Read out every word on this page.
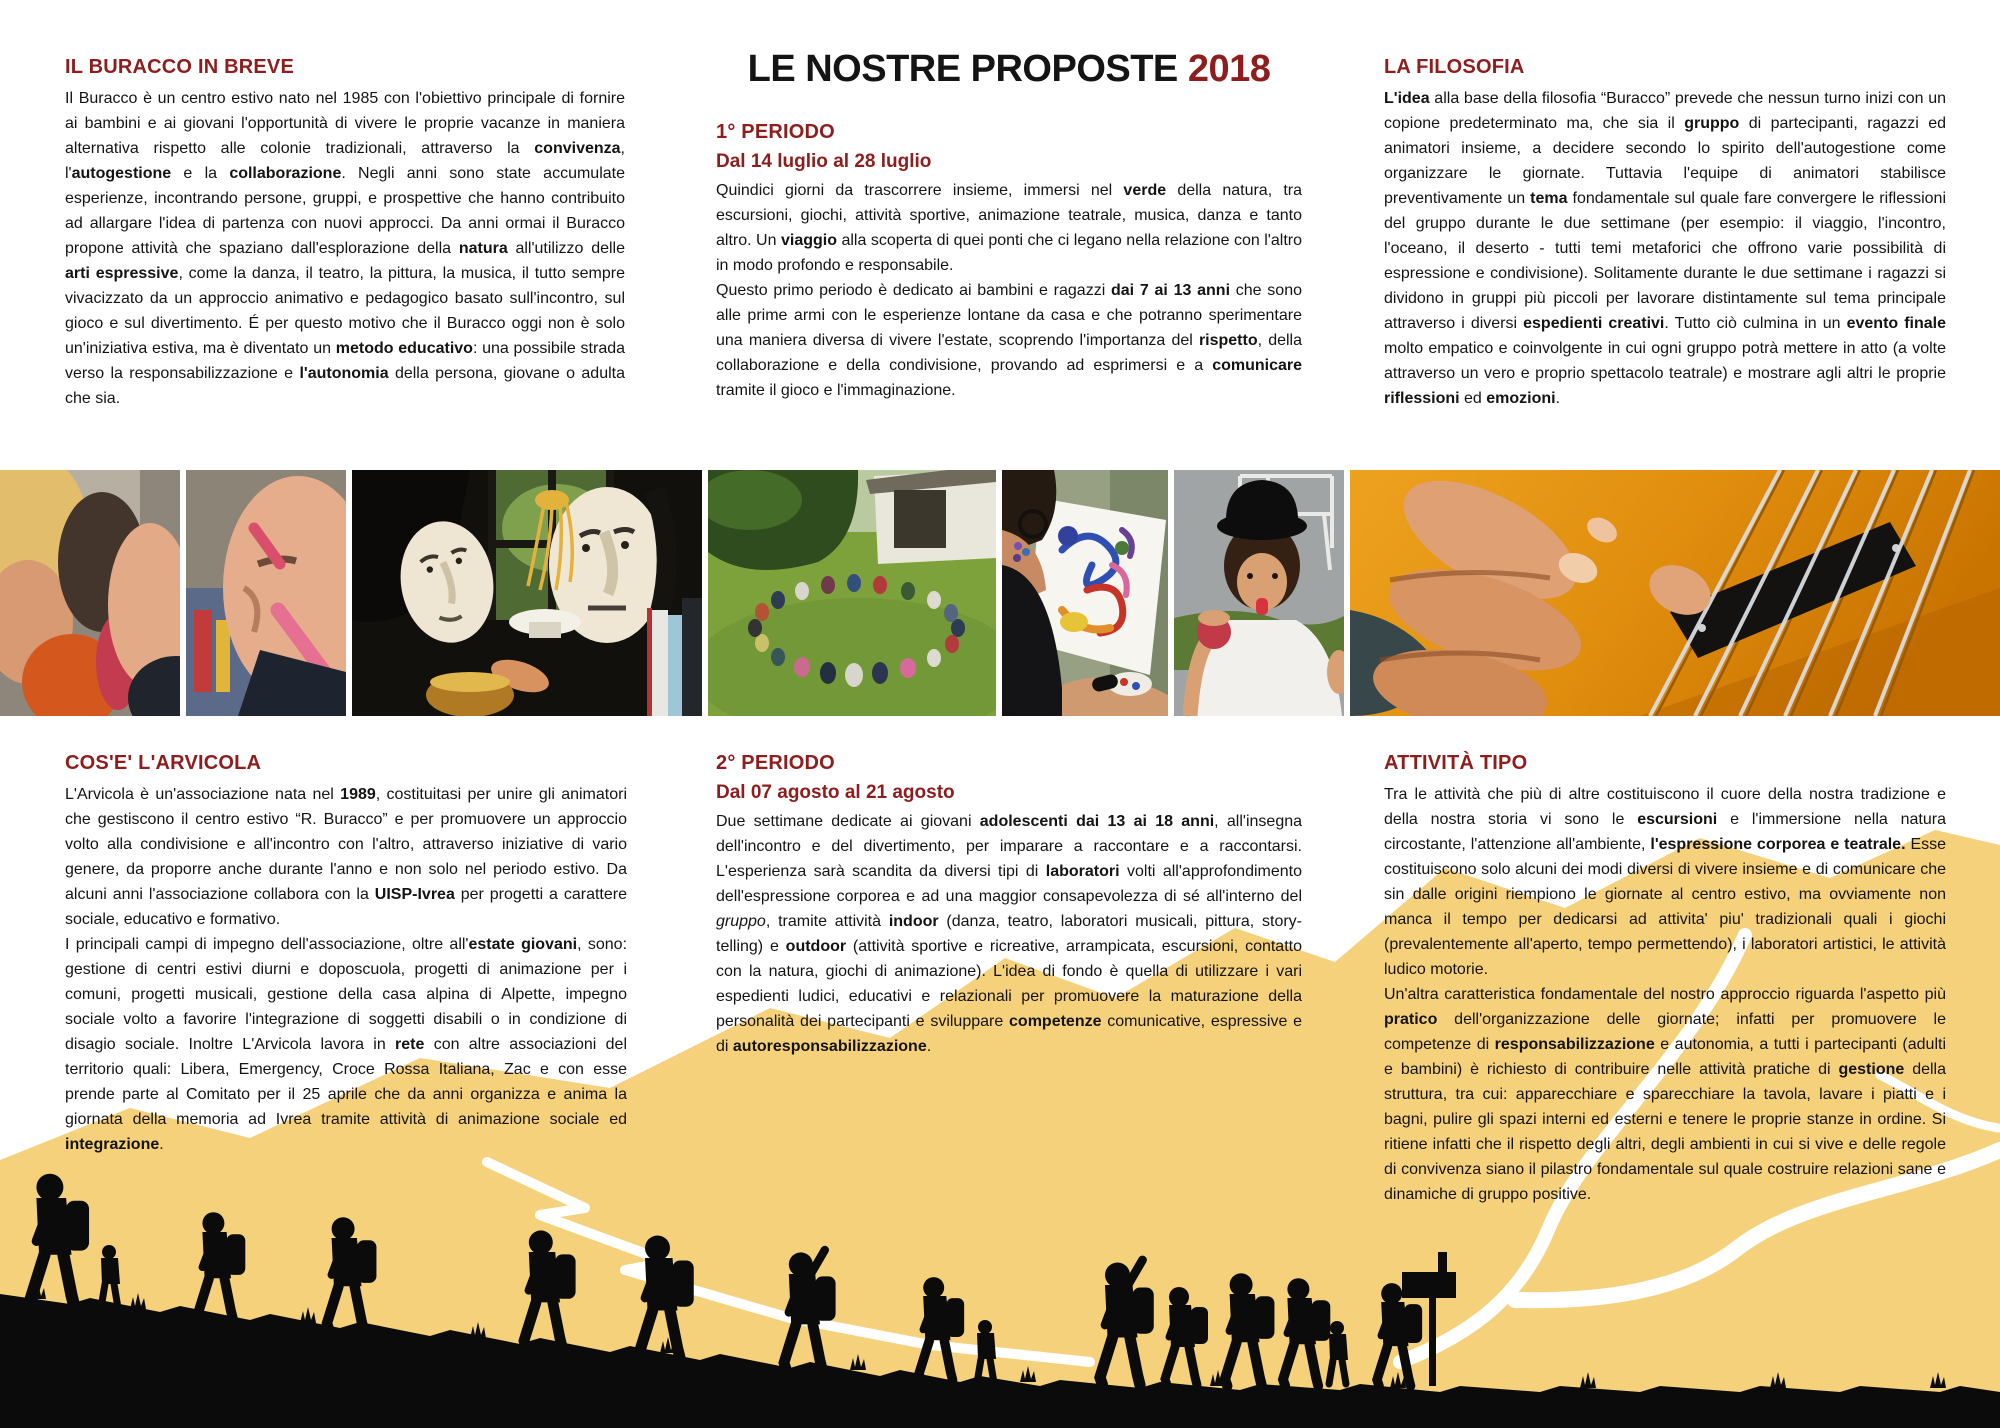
IL BURACCO IN BREVE

Il Buracco è un centro estivo nato nel 1985 con l'obiettivo principale di fornire ai bambini e ai giovani l'opportunità di vivere le proprie vacanze in maniera alternativa rispetto alle colonie tradizionali, attraverso la convivenza, l'autogestione e la collaborazione. Negli anni sono state accumulate esperienze, incontrando persone, gruppi, e prospettive che hanno contribuito ad allargare l'idea di partenza con nuovi approcci. Da anni ormai il Buracco propone attività che spaziano dall'esplorazione della natura all'utilizzo delle arti espressive, come la danza, il teatro, la pittura, la musica, il tutto sempre vivacizzato da un approccio animativo e pedagogico basato sull'incontro, sul gioco e sul divertimento. É per questo motivo che il Buracco oggi non è solo un'iniziativa estiva, ma è diventato un metodo educativo: una possibile strada verso la responsabilizzazione e l'autonomia della persona, giovane o adulta che sia.

LE NOSTRE PROPOSTE 2018
1° PERIODO
Dal 14 luglio al 28 luglio

Quindici giorni da trascorrere insieme, immersi nel verde della natura, tra escursioni, giochi, attività sportive, animazione teatrale, musica, danza e tanto altro. Un viaggio alla scoperta di quei ponti che ci legano nella relazione con l'altro in modo profondo e responsabile.

Questo primo periodo è dedicato ai bambini e ragazzi dai 7 ai 13 anni che sono alle prime armi con le esperienze lontane da casa e che potranno sperimentare una maniera diversa di vivere l'estate, scoprendo l'importanza del rispetto, della collaborazione e della condivisione, provando ad esprimersi e a comunicare tramite il gioco e l'immaginazione.

LA FILOSOFIA

L'idea alla base della filosofia “Buracco” prevede che nessun turno inizi con un copione predeterminato ma, che sia il gruppo di partecipanti, ragazzi ed animatori insieme, a decidere secondo lo spirito dell'autogestione come organizzare le giornate. Tuttavia l'equipe di animatori stabilisce preventivamente un tema fondamentale sul quale fare convergere le riflessioni del gruppo durante le due settimane (per esempio: il viaggio, l'incontro, l'oceano, il deserto - tutti temi metaforici che offrono varie possibilità di espressione e condivisione). Solitamente durante le due settimane i ragazzi si dividono in gruppi più piccoli per lavorare distintamente sul tema principale attraverso i diversi espedienti creativi. Tutto ciò culmina in un evento finale molto empatico e coinvolgente in cui ogni gruppo potrà mettere in atto (a volte attraverso un vero e proprio spettacolo teatrale) e mostrare agli altri le proprie riflessioni ed emozioni.

COS'E' L'ARVICOLA

L'Arvicola è un'associazione nata nel 1989, costituitasi per unire gli animatori che gestiscono il centro estivo “R. Buracco” e per promuovere un approccio volto alla condivisione e all'incontro con l'altro, attraverso iniziative di vario genere, da proporre anche durante l'anno e non solo nel periodo estivo. Da alcuni anni l'associazione collabora con la UISP-Ivrea per progetti a carattere sociale, educativo e formativo.

I principali campi di impegno dell'associazione, oltre all'estate giovani, sono: gestione di centri estivi diurni e doposcuola, progetti di animazione per i comuni, progetti musicali, gestione della casa alpina di Alpette, impegno sociale volto a favorire l'integrazione di soggetti disabili o in condizione di disagio sociale. Inoltre L'Arvicola lavora in rete con altre associazioni del territorio quali: Libera, Emergency, Croce Rossa Italiana, Zac e con esse prende parte al Comitato per il 25 aprile che da anni organizza e anima la giornata della memoria ad Ivrea tramite attività di animazione sociale ed integrazione.

2° PERIODO
Dal 07 agosto al 21 agosto

Due settimane dedicate ai giovani adolescenti dai 13 ai 18 anni, all'insegna dell'incontro e del divertimento, per imparare a raccontare e a raccontarsi. L'esperienza sarà scandita da diversi tipi di laboratori volti all'approfondimento dell'espressione corporea e ad una maggior consapevolezza di sé all'interno del gruppo, tramite attività indoor (danza, teatro, laboratori musicali, pittura, story-telling) e outdoor (attività sportive e ricreative, arrampicata, escursioni, contatto con la natura, giochi di animazione). L'idea di fondo è quella di utilizzare i vari espedienti ludici, educativi e relazionali per promuovere la maturazione della personalità dei partecipanti e sviluppare competenze comunicative, espressive e di autoresponsabilizzazione.

ATTIVITÀ TIPO

Tra le attività che più di altre costituiscono il cuore della nostra tradizione e della nostra storia vi sono le escursioni e l'immersione nella natura circostante, l'attenzione all'ambiente, l'espressione corporea e teatrale. Esse costituiscono solo alcuni dei modi diversi di vivere insieme e di comunicare che sin dalle origini riempiono le giornate al centro estivo, ma ovviamente non manca il tempo per dedicarsi ad attivita' piu' tradizionali quali i giochi (prevalentemente all'aperto, tempo permettendo), i laboratori artistici, le attività ludico motorie.

Un'altra caratteristica fondamentale del nostro approccio riguarda l'aspetto più pratico dell'organizzazione delle giornate; infatti per promuovere le competenze di responsabilizzazione e autonomia, a tutti i partecipanti (adulti e bambini) è richiesto di contribuire nelle attività pratiche di gestione della struttura, tra cui: apparecchiare e sparecchiare la tavola, lavare i piatti e i bagni, pulire gli spazi interni ed esterni e tenere le proprie stanze in ordine. Si ritiene infatti che il rispetto degli altri, degli ambienti in cui si vive e delle regole di convivenza siano il pilastro fondamentale sul quale costruire relazioni sane e dinamiche di gruppo positive.
